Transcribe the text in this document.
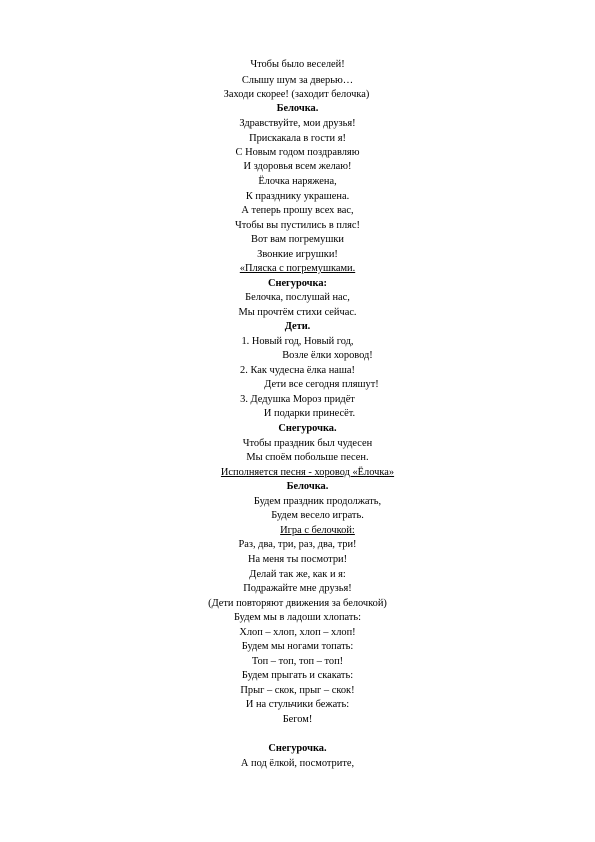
Чтобы было веселей!
Слышу шум за дверью…
Заходи скорее! (заходит белочка)
Белочка.
Здравствуйте, мои друзья!
Прискакала в гости я!
С Новым годом поздравляю
И здоровья всем желаю!
Ёлочка наряжена,
К празднику украшена.
А теперь прошу всех вас,
Чтобы вы пустились в пляс!
Вот вам погремушки
Звонкие игрушки!
«Пляска с погремушками.
Снегурочка:
Белочка, послушай нас,
Мы прочтём стихи сейчас.
Дети.
1. Новый год, Новый год,
Возле ёлки хоровод!
2. Как чудесна ёлка наша!
Дети все сегодня пляшут!
3. Дедушка Мороз придёт
И подарки принесёт.
Снегурочка.
Чтобы праздник был чудесен
Мы споём побольше песен.
Исполняется песня - хоровод «Ёлочка»
Белочка.
Будем праздник продолжать,
Будем весело играть.
Игра с белочкой:
Раз, два, три, раз, два, три!
На меня ты посмотри!
Делай так же, как и я:
Подражайте мне друзья!
(Дети повторяют движения за белочкой)
Будем мы в ладоши хлопать:
Хлоп – хлоп, хлоп – хлоп!
Будем мы ногами топать:
Топ – топ, топ – топ!
Будем прыгать и скакать:
Прыг – скок, прыг – скок!
И на стульчики бежать:
Бегом!
Снегурочка.
А под ёлкой, посмотрите,
